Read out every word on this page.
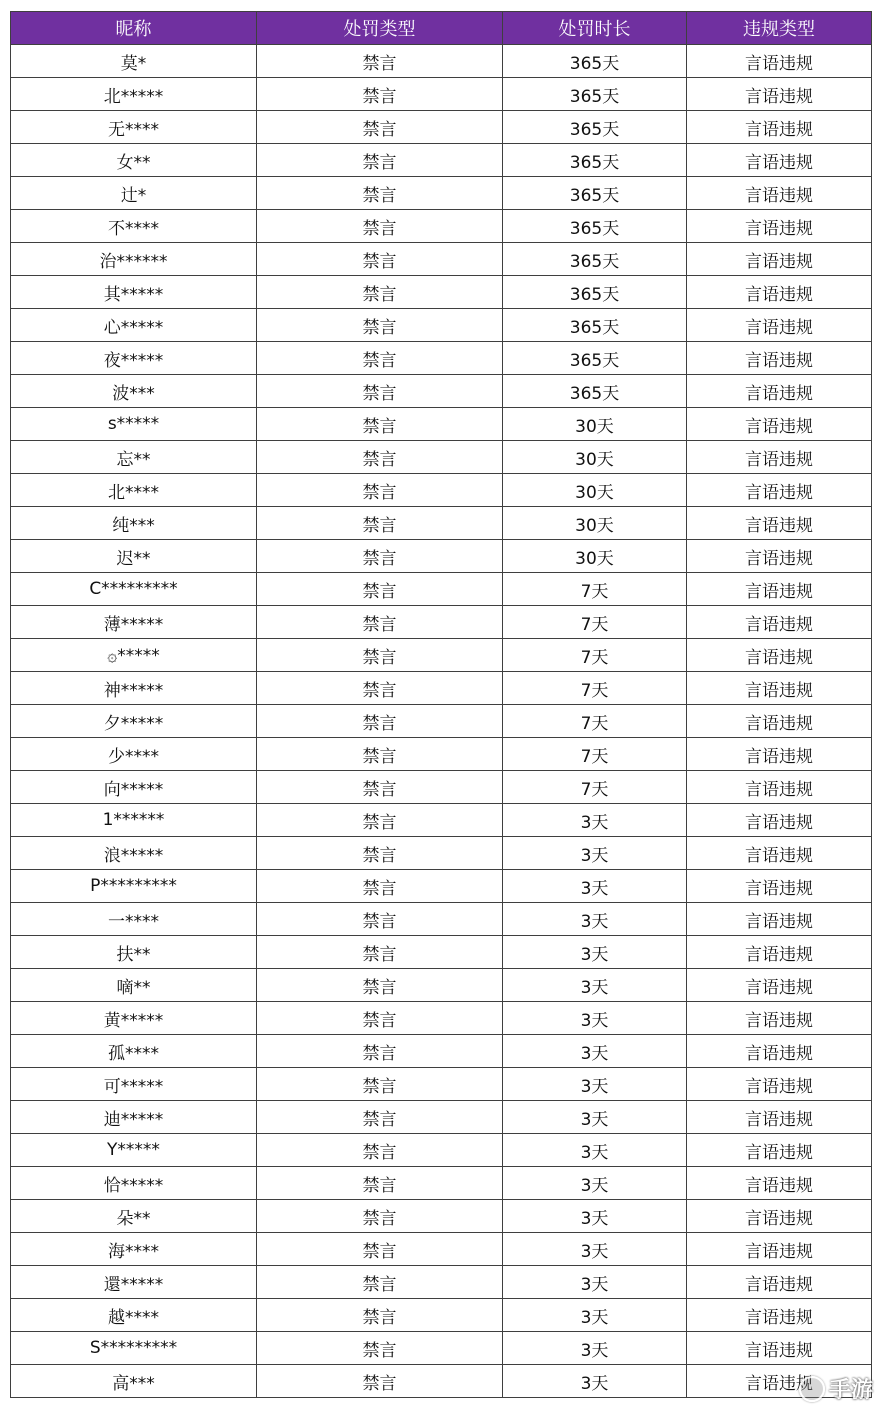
昵称	处罚类型	处罚时长	违规类型
莫*	禁言	365天	言语违规
北*****	禁言	365天	言语违规
无****	禁言	365天	言语违规
女**	禁言	365天	言语违规
辻*	禁言	365天	言语违规
不****	禁言	365天	言语违规
治******	禁言	365天	言语违规
其*****	禁言	365天	言语违规
心*****	禁言	365天	言语违规
夜*****	禁言	365天	言语违规
波***	禁言	365天	言语违规
s*****	禁言	30天	言语违规
忘**	禁言	30天	言语违规
北****	禁言	30天	言语违规
纯***	禁言	30天	言语违规
迟**	禁言	30天	言语违规
C*********	禁言	7天	言语违规
薄*****	禁言	7天	言语违规
۞*****	禁言	7天	言语违规
神*****	禁言	7天	言语违规
夕*****	禁言	7天	言语违规
少****	禁言	7天	言语违规
向*****	禁言	7天	言语违规
1******	禁言	3天	言语违规
浪*****	禁言	3天	言语违规
P*********	禁言	3天	言语违规
一****	禁言	3天	言语违规
扶**	禁言	3天	言语违规
嘀**	禁言	3天	言语违规
黄*****	禁言	3天	言语违规
孤****	禁言	3天	言语违规
可*****	禁言	3天	言语违规
迪*****	禁言	3天	言语违规
Y*****	禁言	3天	言语违规
恰*****	禁言	3天	言语违规
朵**	禁言	3天	言语违规
海****	禁言	3天	言语违规
還*****	禁言	3天	言语违规
越****	禁言	3天	言语违规
S*********	禁言	3天	言语违规
高***	禁言	3天	言语违规 手游
